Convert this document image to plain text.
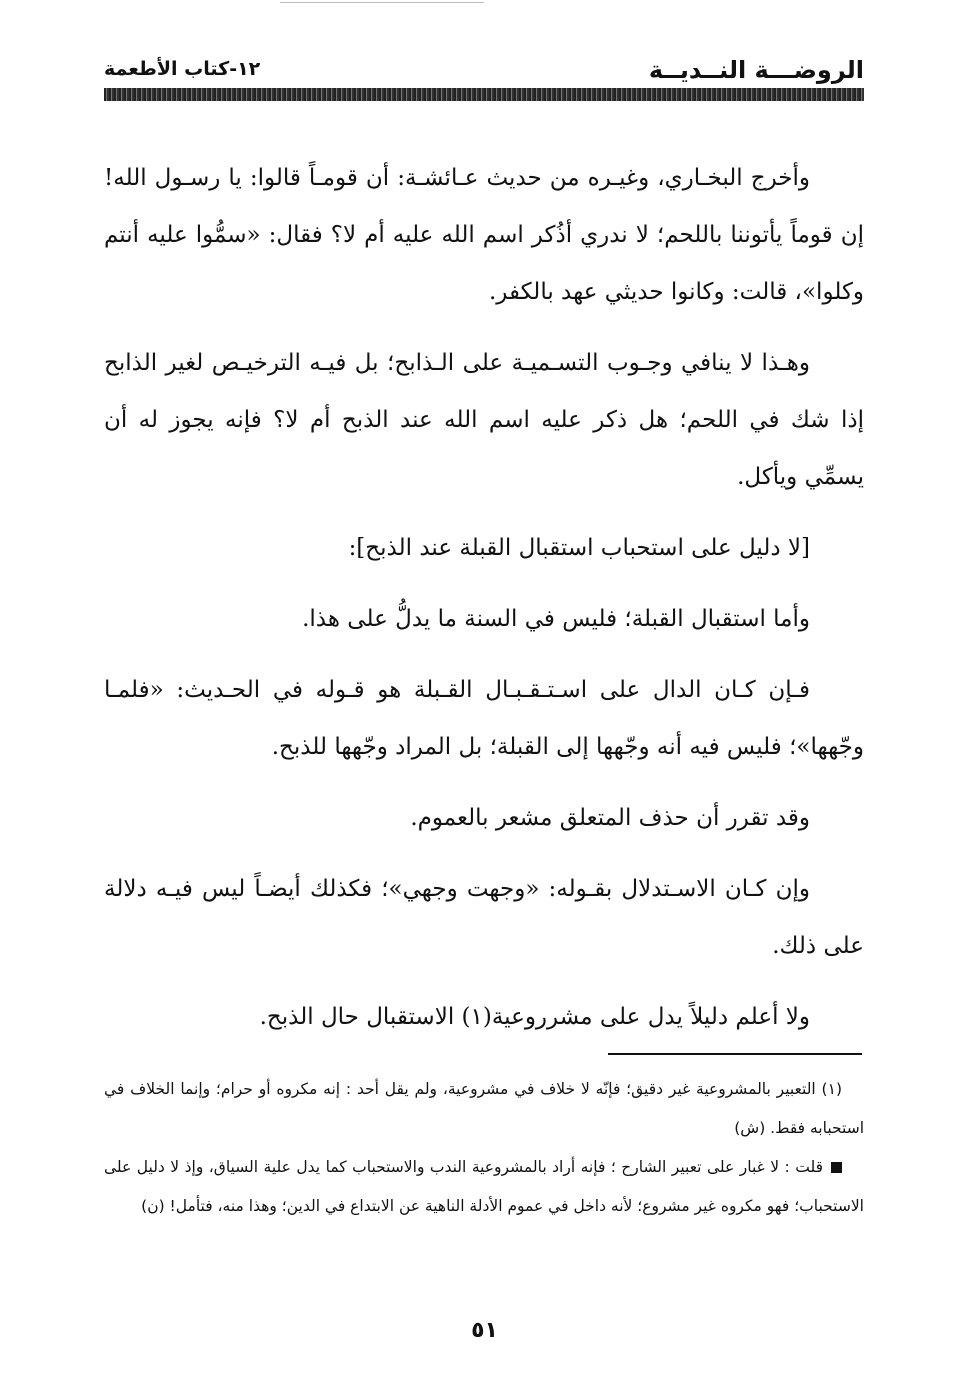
الروضـــة النــديــة
١٢-كتاب الأطعمة

وأخرج البخـاري، وغيـره من حديث عـائشـة: أن قومـاً قالوا: يا رسـول الله! إن قوماً يأتوننا باللحم؛ لا ندري أذُكر اسم الله عليه أم لا؟ فقال: «سمُّوا عليه أنتم وكلوا»، قالت: وكانوا حديثي عهد بالكفر.

وهـذا لا ينافي وجـوب التسـميـة على الـذابح؛ بل فيـه الترخيـص لغير الذابح إذا شك في اللحم؛ هل ذكر عليه اسم الله عند الذبح أم لا؟ فإنه يجوز له أن يسمِّي ويأكل.

[لا دليل على استحباب استقبال القبلة عند الذبح]:

وأما استقبال القبلة؛ فليس في السنة ما يدلُّ على هذا.

فـإن كـان الدال على اسـتـقـبـال القـبلة هو قـوله في الحـديث: «فلمـا وجّهها»؛ فليس فيه أنه وجّهها إلى القبلة؛ بل المراد وجّهها للذبح.

وقد تقرر أن حذف المتعلق مشعر بالعموم.

وإن كـان الاسـتدلال بقـوله: «وجهت وجهي»؛ فكذلك أيضـاً ليس فيـه دلالة على ذلك.

ولا أعلم دليلاً يدل على مشرروعية(١) الاستقبال حال الذبح.

(١) التعبير بالمشروعية غير دقيق؛ فإنّه لا خلاف في مشروعية، ولم يقل أحد : إنه مكروه أو حرام؛ وإنما الخلاف في استحبابه فقط. (ش)

قلت : لا غبار على تعبير الشارح ؛ فإنه أراد بالمشروعية الندب والاستحباب كما يدل علية السياق، وإذ لا دليل على الاستحباب؛ فهو مكروه غير مشروع؛ لأنه داخل في عموم الأدلة الناهية عن الابتداع في الدين؛ وهذا منه، فتأمل! (ن)

٥١
